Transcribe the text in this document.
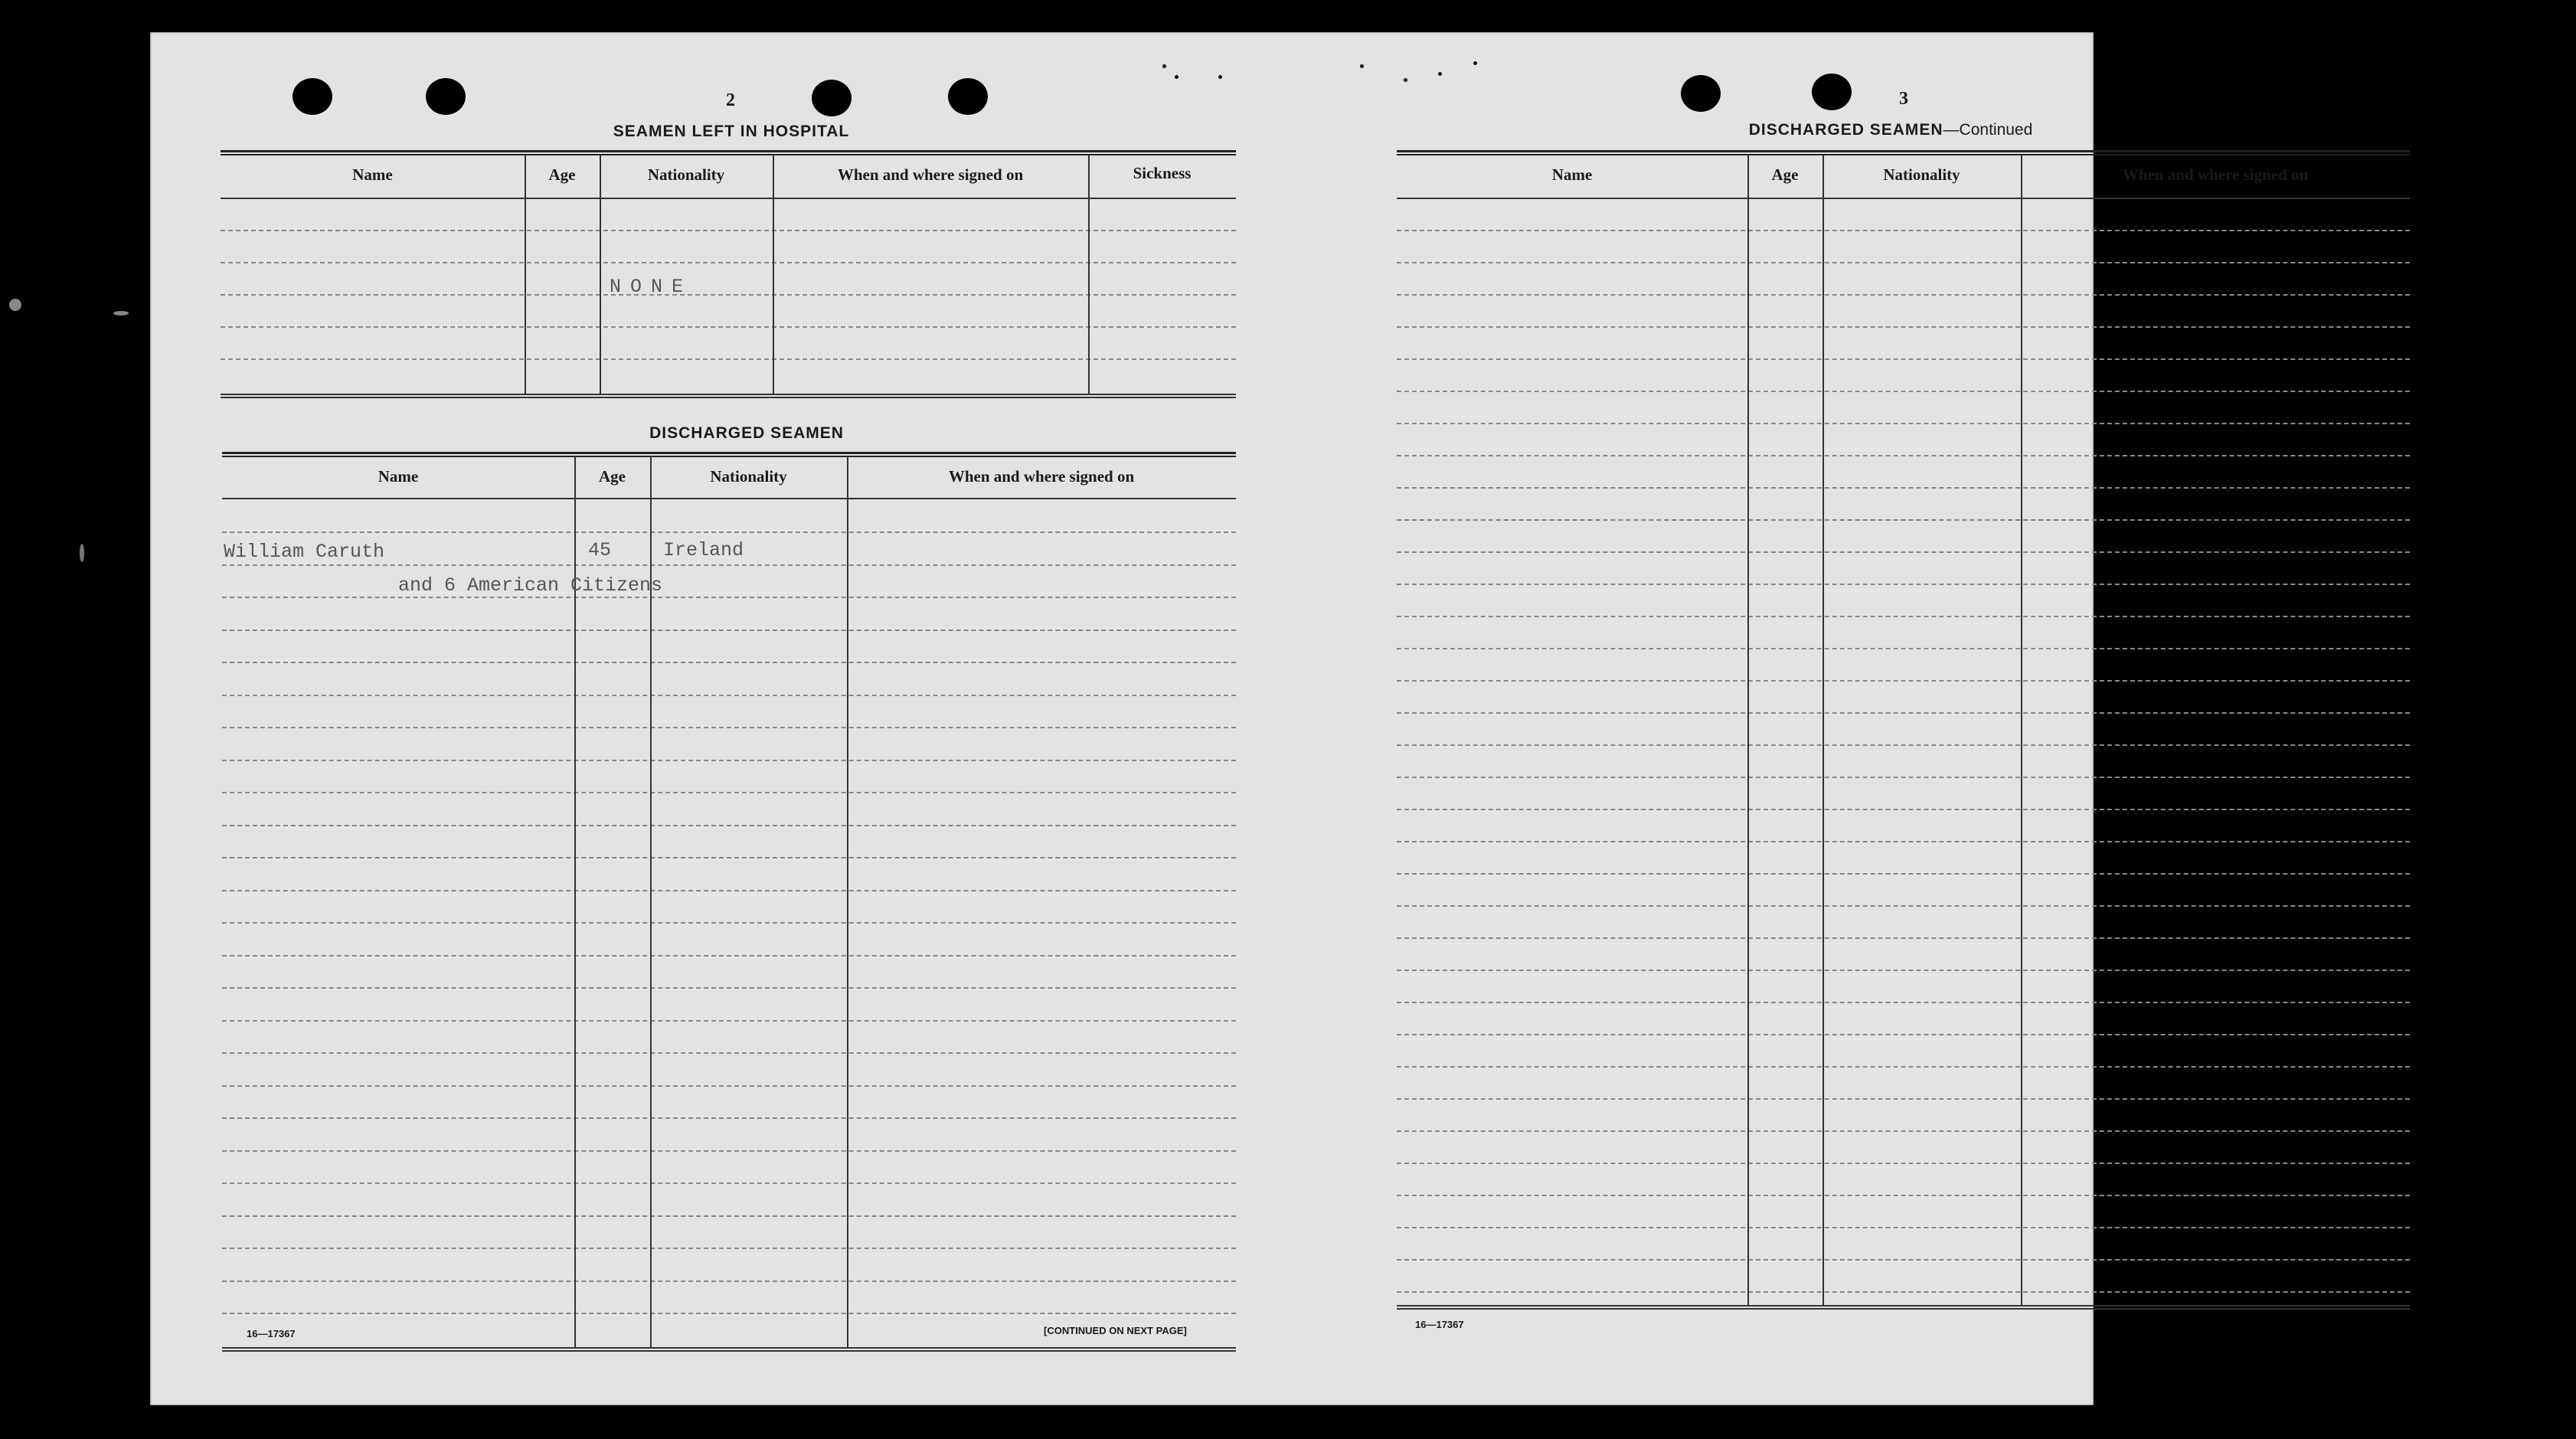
2
SEAMEN LEFT IN HOSPITAL
Name	Age	Nationality	When and where signed on	Sickness
NONE
DISCHARGED SEAMEN
Name	Age	Nationality	When and where signed on
William Caruth	45	Ireland
and 6 American Citizens
16—17367	[CONTINUED ON NEXT PAGE]
3
DISCHARGED SEAMEN—Continued
Name	Age	Nationality	When and where signed on
16—17367
